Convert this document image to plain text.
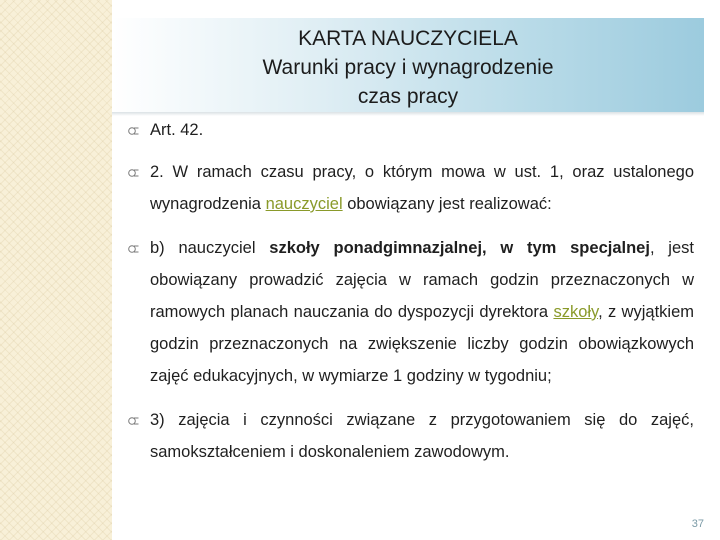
KARTA NAUCZYCIELA
Warunki pracy i wynagrodzenie
czas pracy
Art. 42.
2. W ramach czasu pracy, o którym mowa w ust. 1, oraz ustalonego wynagrodzenia nauczyciel obowiązany jest realizować:
b) nauczyciel szkoły ponadgimnazjalnej, w tym specjalnej, jest obowiązany prowadzić zajęcia w ramach godzin przeznaczonych w ramowych planach nauczania do dyspozycji dyrektora szkoły, z wyjątkiem godzin przeznaczonych na zwiększenie liczby godzin obowiązkowych zajęć edukacyjnych, w wymiarze 1 godziny w tygodniu;
3) zajęcia i czynności związane z przygotowaniem się do zajęć, samokształceniem i doskonaleniem zawodowym.
37
